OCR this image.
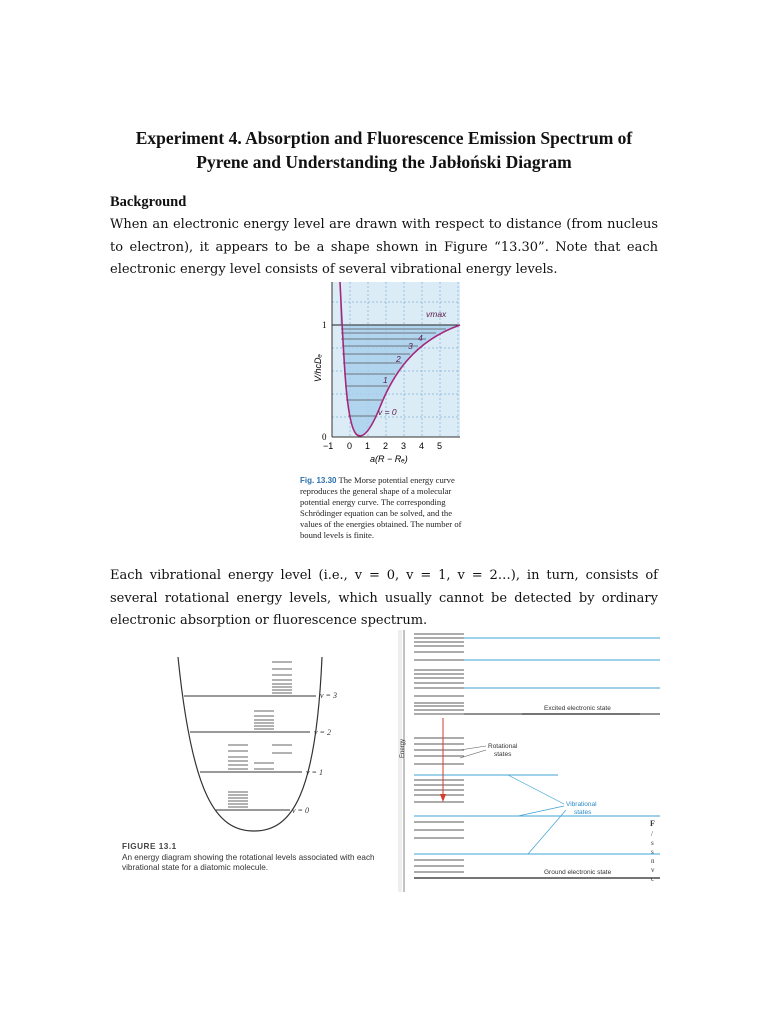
Experiment 4. Absorption and Fluorescence Emission Spectrum of
Pyrene and Understanding the Jabłoński Diagram
Background

When an electronic energy level are drawn with respect to distance (from nucleus to electron), it appears to be a shape shown in Figure “13.30”. Note that each electronic energy level consists of several vibrational energy levels.

1
0
V/hcDₑ
−1 0 1 2 3 4 5
a(R − Rₑ)
v = 0
1
2
3
4
vmax

Fig. 13.30 The Morse potential energy curve reproduces the general shape of a molecular potential energy curve. The corresponding Schrödinger equation can be solved, and the values of the energies obtained. The number of bound levels is finite.

Each vibrational energy level (i.e., v = 0, v = 1, v = 2…), in turn, consists of several rotational energy levels, which usually cannot be detected by ordinary electronic absorption or fluorescence spectrum.

v = 3
v = 2
v = 1
v = 0

FIGURE 13.1
An energy diagram showing the rotational levels associated with each vibrational state for a diatomic molecule.

Energy
Excited electronic state
Rotational
states
Vibrational
states
Ground electronic state
F
/
s
s
n
v
c
